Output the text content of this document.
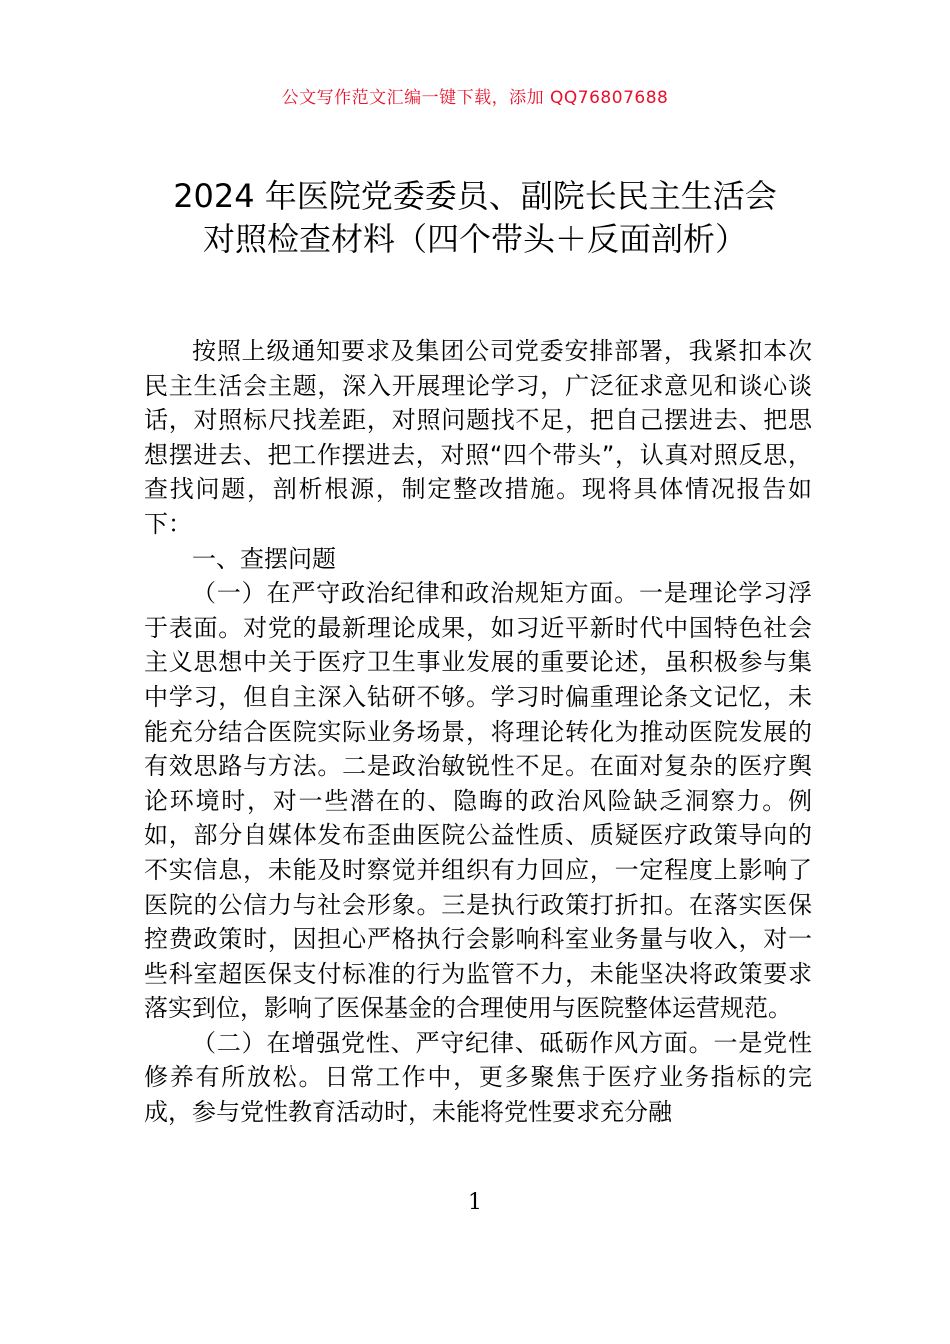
公文写作范文汇编一键下载，添加 QQ76807688
2024 年医院党委委员、副院长民主生活会
对照检查材料（四个带头＋反面剖析）

按照上级通知要求及集团公司党委安排部署，我紧扣本次民主生活会主题，深入开展理论学习，广泛征求意见和谈心谈话，对照标尺找差距，对照问题找不足，把自己摆进去、把思想摆进去、把工作摆进去，对照“四个带头”，认真对照反思，查找问题，剖析根源，制定整改措施。现将具体情况报告如下：

一、查摆问题

（一）在严守政治纪律和政治规矩方面。一是理论学习浮于表面。对党的最新理论成果，如习近平新时代中国特色社会主义思想中关于医疗卫生事业发展的重要论述，虽积极参与集中学习，但自主深入钻研不够。学习时偏重理论条文记忆，未能充分结合医院实际业务场景，将理论转化为推动医院发展的有效思路与方法。二是政治敏锐性不足。在面对复杂的医疗舆论环境时，对一些潜在的、隐晦的政治风险缺乏洞察力。例如，部分自媒体发布歪曲医院公益性质、质疑医疗政策导向的不实信息，未能及时察觉并组织有力回应，一定程度上影响了医院的公信力与社会形象。三是执行政策打折扣。在落实医保控费政策时，因担心严格执行会影响科室业务量与收入，对一些科室超医保支付标准的行为监管不力，未能坚决将政策要求落实到位，影响了医保基金的合理使用与医院整体运营规范。

（二）在增强党性、严守纪律、砥砺作风方面。一是党性修养有所放松。日常工作中，更多聚焦于医疗业务指标的完成，参与党性教育活动时，未能将党性要求充分融

1
